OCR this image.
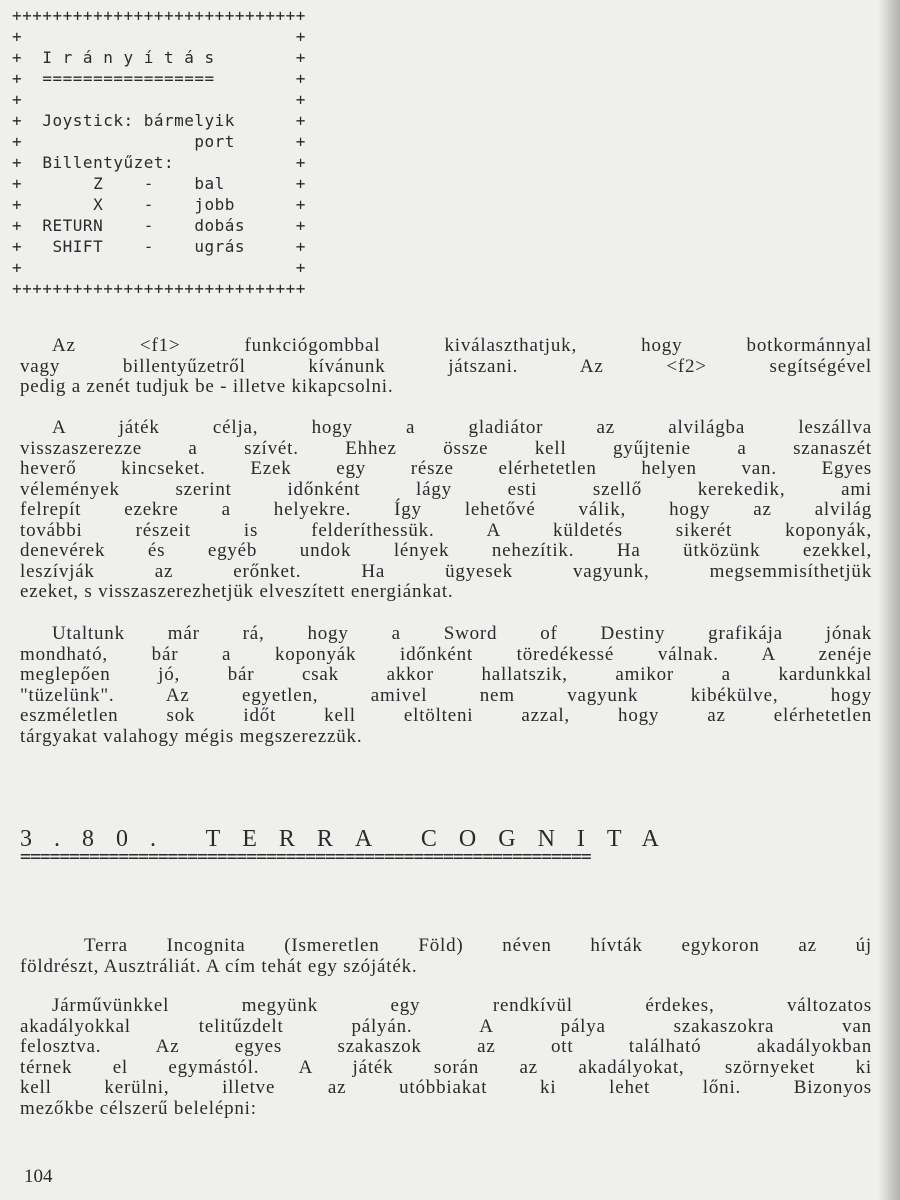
+++++++++++++++++++++++++++++
+                           +
+  I r á n y í t á s        +
+  =================        +
+                           +
+  Joystick: bármelyik      +
+                 port      +
+  Billentyűzet:            +
+       Z    -    bal       +
+       X    -    jobb      +
+  RETURN    -    dobás     +
+   SHIFT    -    ugrás     +
+                           +
+++++++++++++++++++++++++++++
Az <f1> funkciógombbal kiválaszthatjuk, hogy botkormánnyal
vagy billentyűzetről kívánunk játszani. Az <f2> segítségével
pedig a zenét tudjuk be - illetve kikapcsolni.
A játék célja, hogy a gladiátor az alvilágba leszállva
visszaszerezze a szívét. Ehhez össze kell gyűjtenie a szanaszét
heverő kincseket. Ezek egy része elérhetetlen helyen van. Egyes
vélemények szerint időnként lágy esti szellő kerekedik, ami
felrepít ezekre a helyekre. Így lehetővé válik, hogy az alvilág
további részeit is felderíthessük. A küldetés sikerét koponyák,
denevérek és egyéb undok lények nehezítik. Ha ütközünk ezekkel,
leszívják az erőnket. Ha ügyesek vagyunk, megsemmisíthetjük
ezeket, s visszaszerezhetjük elveszített energiánkat.
Utaltunk már rá, hogy a Sword of Destiny grafikája jónak
mondható, bár a koponyák időnként töredékessé válnak. A zenéje
meglepően jó, bár csak akkor hallatszik, amikor a kardunkkal
"tüzelünk". Az egyetlen, amivel nem vagyunk kibékülve, hogy
eszméletlen sok időt kell eltölteni azzal, hogy az elérhetetlen
tárgyakat valahogy mégis megszerezzük.
3.80. TERRA COGNITA
==========================================================
Terra Incognita (Ismeretlen Föld) néven hívták egykoron az új
földrészt, Ausztráliát. A cím tehát egy szójáték.
Járművünkkel megyünk egy rendkívül érdekes, változatos
akadályokkal telitűzdelt pályán. A pálya szakaszokra van
felosztva. Az egyes szakaszok az ott található akadályokban
térnek el egymástól. A játék során az akadályokat, szörnyeket ki
kell kerülni, illetve az utóbbiakat ki lehet lőni. Bizonyos
mezőkbe célszerű belelépni:
104
